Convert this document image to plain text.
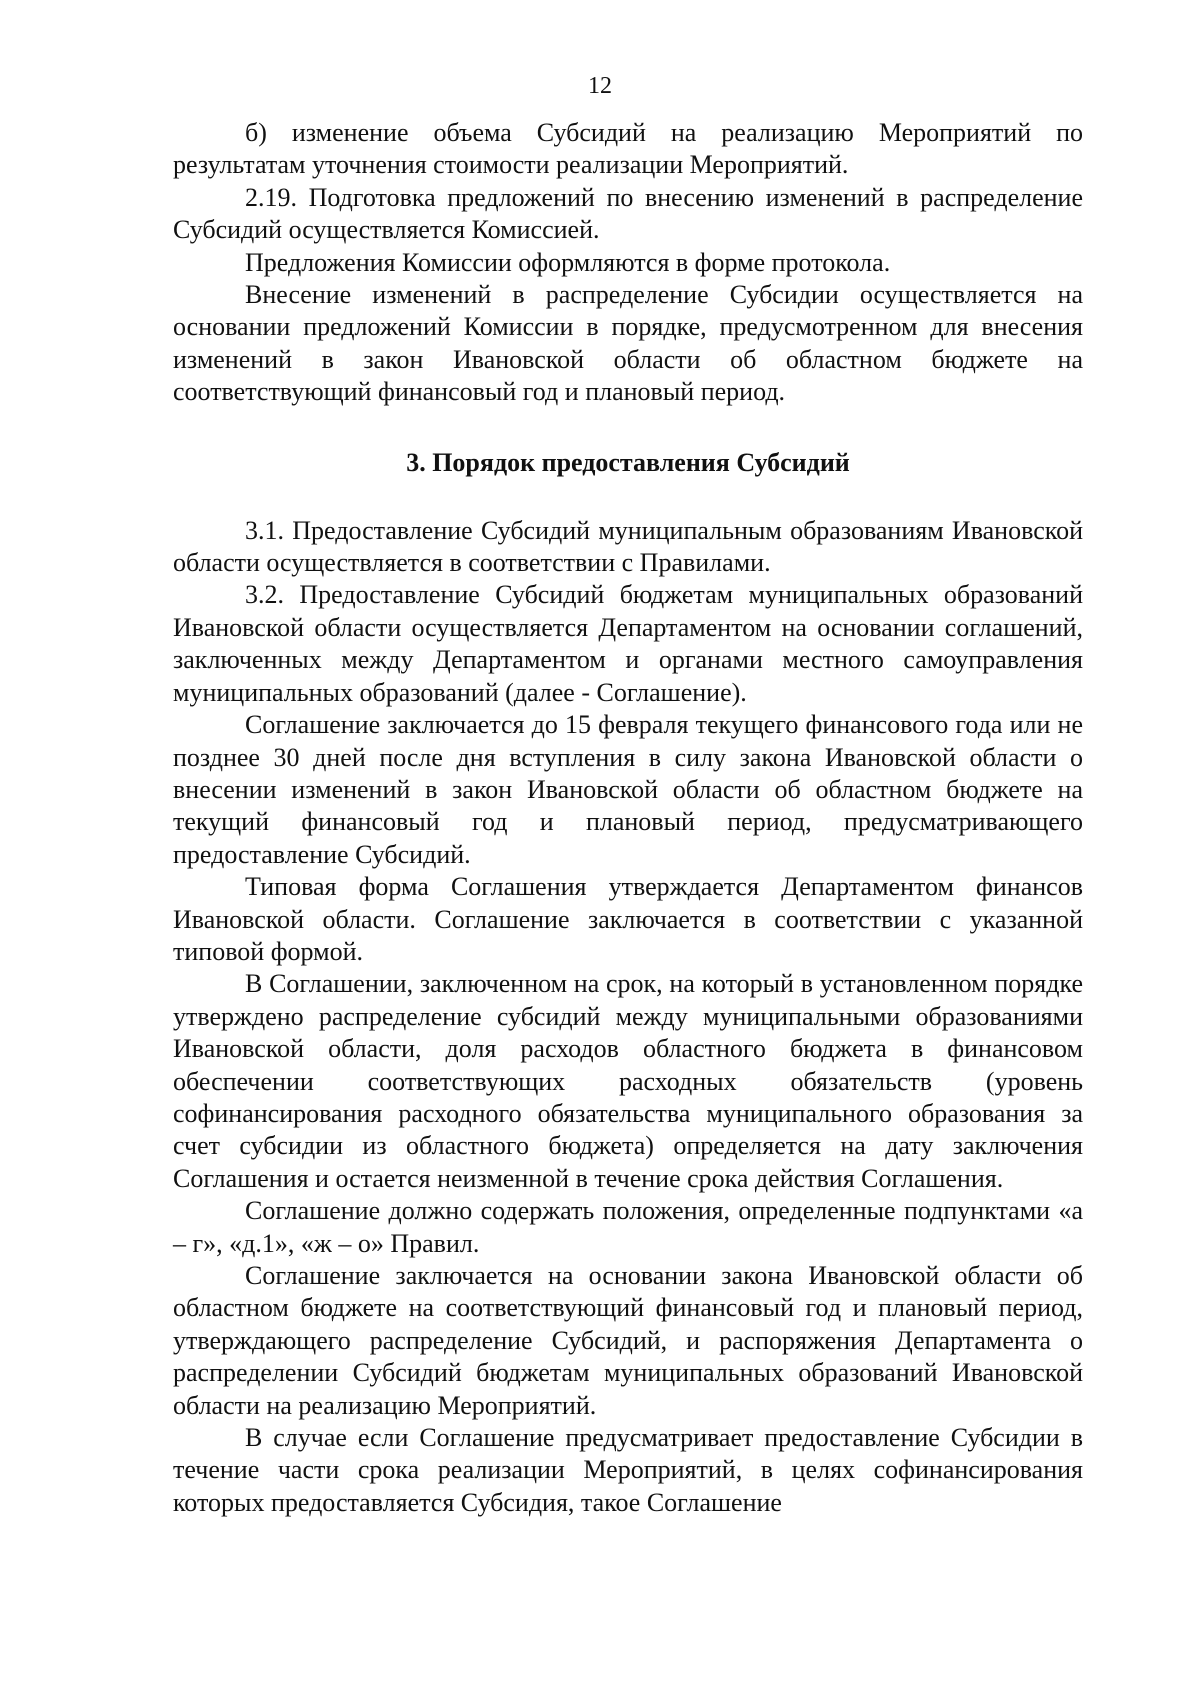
12

б) изменение объема Субсидий на реализацию Мероприятий по результатам уточнения стоимости реализации Мероприятий.

2.19. Подготовка предложений по внесению изменений в распределение Субсидий осуществляется Комиссией.

Предложения Комиссии оформляются в форме протокола.

Внесение изменений в распределение Субсидии осуществляется на основании предложений Комиссии в порядке, предусмотренном для внесения изменений в закон Ивановской области об областном бюджете на соответствующий финансовый год и плановый период.

3. Порядок предоставления Субсидий

3.1. Предоставление Субсидий муниципальным образованиям Ивановской области осуществляется в соответствии с Правилами.

3.2. Предоставление Субсидий бюджетам муниципальных образований Ивановской области осуществляется Департаментом на основании соглашений, заключенных между Департаментом и органами местного самоуправления муниципальных образований (далее - Соглашение).

Соглашение заключается до 15 февраля текущего финансового года или не позднее 30 дней после дня вступления в силу закона Ивановской области о внесении изменений в закон Ивановской области об областном бюджете на текущий финансовый год и плановый период, предусматривающего предоставление Субсидий.

Типовая форма Соглашения утверждается Департаментом финансов Ивановской области. Соглашение заключается в соответствии с указанной типовой формой.

В Соглашении, заключенном на срок, на который в установленном порядке утверждено распределение субсидий между муниципальными образованиями Ивановской области, доля расходов областного бюджета в финансовом обеспечении соответствующих расходных обязательств (уровень софинансирования расходного обязательства муниципального образования за счет субсидии из областного бюджета) определяется на дату заключения Соглашения и остается неизменной в течение срока действия Соглашения.

Соглашение должно содержать положения, определенные подпунктами «а – г», «д.1», «ж – о» Правил.

Соглашение заключается на основании закона Ивановской области об областном бюджете на соответствующий финансовый год и плановый период, утверждающего распределение Субсидий, и распоряжения Департамента о распределении Субсидий бюджетам муниципальных образований Ивановской области на реализацию Мероприятий.

В случае если Соглашение предусматривает предоставление Субсидии в течение части срока реализации Мероприятий, в целях софинансирования которых предоставляется Субсидия, такое Соглашение
